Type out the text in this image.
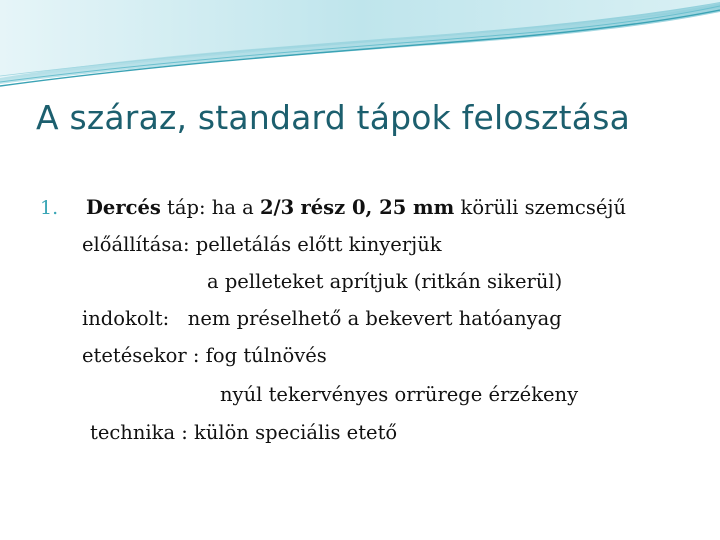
A száraz, standard tápok felosztása
1. Dercés táp: ha a 2/3 rész 0, 25 mm körüli szemcséjű
előállítása: pelletálás előtt kinyerjük
a pelleteket aprítjuk (ritkán sikerül)
indokolt:   nem préselhető a bekevert hatóanyag
etetésekor : fog túlnövés
nyúl tekervényes orrürege érzékeny
technika : külön speciális etető
